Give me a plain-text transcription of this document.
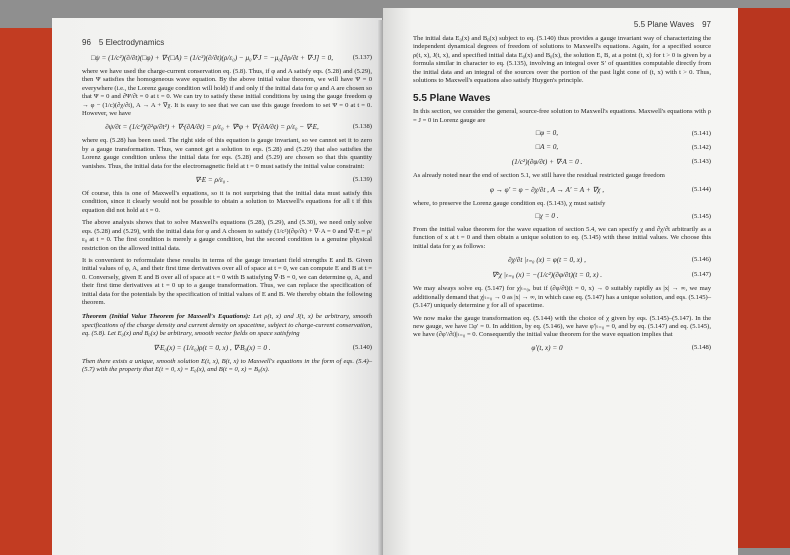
96 5 Electrodynamics
□ψ = (1/c²)(∂/∂t)(□φ) + ∇·(□A) = (1/c²)(∂/∂t)(ρ/ε₀) − μ₀∇·J = −μ₀[∂ρ/∂t + ∇·J] = 0,	(5.137)

where we have used the charge-current conservation eq. (5.8). Thus, if φ and A satisfy eqs. (5.28) and (5.29), then Ψ satisfies the homogeneous wave equation. By the above initial value theorem, we will have Ψ = 0 everywhere (i.e., the Lorenz gauge condition will hold) if and only if the initial data for φ and A are chosen so that Ψ = 0 and ∂Ψ/∂t = 0 at t = 0. We can try to satisfy these initial conditions by using the gauge freedom φ → φ − (1/c)(∂χ/∂t), A → A + ∇χ. It is easy to see that we can use this gauge freedom to set Ψ = 0 at t = 0. However, we have

∂ψ/∂t = (1/c²)(∂²φ/∂t²) + ∇·(∂A/∂t) = ρ/ε₀ + ∇²φ + ∇·(∂A/∂t) = ρ/ε₀ − ∇·E,	(5.138)

where eq. (5.28) has been used. The right side of this equation is gauge invariant, so we cannot set it to zero by a gauge transformation. Thus, we cannot get a solution to eqs. (5.28) and (5.29) that also satisfies the Lorenz gauge condition unless the initial data for eqs. (5.28) and (5.29) are chosen so that this quantity vanishes. Thus, the initial data for the electromagnetic field at t = 0 must satisfy the initial value constraint:

∇·E = ρ/ε₀ .	(5.139)

Of course, this is one of Maxwell's equations, so it is not surprising that the initial data must satisfy this condition, since it clearly would not be possible to obtain a solution to Maxwell's equations for all t if this equation did not hold at t = 0.

The above analysis shows that to solve Maxwell's equations (5.28), (5.29), and (5.30), we need only solve eqs. (5.28) and (5.29), with the initial data for φ and A chosen to satisfy (1/c²)(∂φ/∂t) + ∇·A = 0 and ∇·E = ρ/ε₀ at t = 0. The first condition is merely a gauge condition, but the second condition is a genuine physical restriction on the allowed initial data.

It is convenient to reformulate these results in terms of the gauge invariant field strengths E and B. Given initial values of φ, A, and their first time derivatives over all of space at t = 0, we can compute E and B at t = 0. Conversely, given E and B over all of space at t = 0 with B satisfying ∇·B = 0, we can determine φ, A, and their first time derivatives at t = 0 up to a gauge transformation. Thus, we can replace the specification of initial data for the potentials by the specification of initial values of E and B. We thereby obtain the following theorem.

Theorem (Initial Value Theorem for Maxwell's Equations): Let ρ(t, x) and J(t, x) be arbitrary, smooth specifications of the charge density and current density on spacetime, subject to charge-current conservation, eq. (5.8). Let E₀(x) and B₀(x) be arbitrary, smooth vector fields on space satisfying

∇·E₀(x) = (1/ε₀)ρ(t = 0, x) , ∇·B₀(x) = 0 .	(5.140)

Then there exists a unique, smooth solution E(t, x), B(t, x) to Maxwell's equations in the form of eqs. (5.4)–(5.7) with the property that E(t = 0, x) = E₀(x), and B(t = 0, x) = B₀(x).

5.5 Plane Waves 97

The initial data E₀(x) and B₀(x) subject to eq. (5.140) thus provides a gauge invariant way of characterizing the independent dynamical degrees of freedom of solutions to Maxwell's equations. Again, for a specified source ρ(t, x), J(t, x), and specified initial data E₀(x) and B₀(x), the solution E, B, at a point (t, x) for t > 0 is given by a formula similar in character to eq. (5.135), involving an integral over S′ of quantities computable directly from the initial data and an integral of the sources over the portion of the past light cone of (t, x) with t > 0. Thus, solutions to Maxwell's equations also satisfy Huygen's principle.

5.5 Plane Waves

In this section, we consider the general, source-free solution to Maxwell's equations. Maxwell's equations with ρ = J = 0 in Lorenz gauge are

□φ = 0,	(5.141)
□A = 0,	(5.142)
(1/c²)(∂φ/∂t) + ∇·A = 0 .	(5.143)

As already noted near the end of section 5.1, we still have the residual restricted gauge freedom

φ → φ′ = φ − ∂χ/∂t , A → A′ = A + ∇χ ,	(5.144)

where, to preserve the Lorenz gauge condition eq. (5.143), χ must satisfy

□χ = 0 .	(5.145)

From the initial value theorem for the wave equation of section 5.4, we can specify χ and ∂χ/∂t arbitrarily as a function of x at t = 0 and then obtain a unique solution to eq. (5.145) with these initial values. We choose this initial data for χ as follows:

∂χ/∂t |ₜ₌₀ (x) = φ(t = 0, x) ,	(5.146)
∇²χ |ₜ₌₀ (x) = −(1/c²)(∂φ/∂t)(t = 0, x) .	(5.147)

We may always solve eq. (5.147) for χ|ₜ₌₀, but if (∂φ/∂t)(t = 0, x) → 0 suitably rapidly as |x| → ∞, we may additionally demand that χ|ₜ₌₀ → 0 as |x| → ∞, in which case eq. (5.147) has a unique solution, and eqs. (5.145)–(5.147) uniquely determine χ for all of spacetime.

We now make the gauge transformation eq. (5.144) with the choice of χ given by eqs. (5.145)–(5.147). In the new gauge, we have □φ′ = 0. In addition, by eq. (5.146), we have φ′|ₜ₌₀ = 0, and by eq. (5.147) and eq. (5.145), we have (∂φ′/∂t)|ₜ₌₀ = 0. Consequently the initial value theorem for the wave equation implies that

φ′(t, x) = 0	(5.148)
